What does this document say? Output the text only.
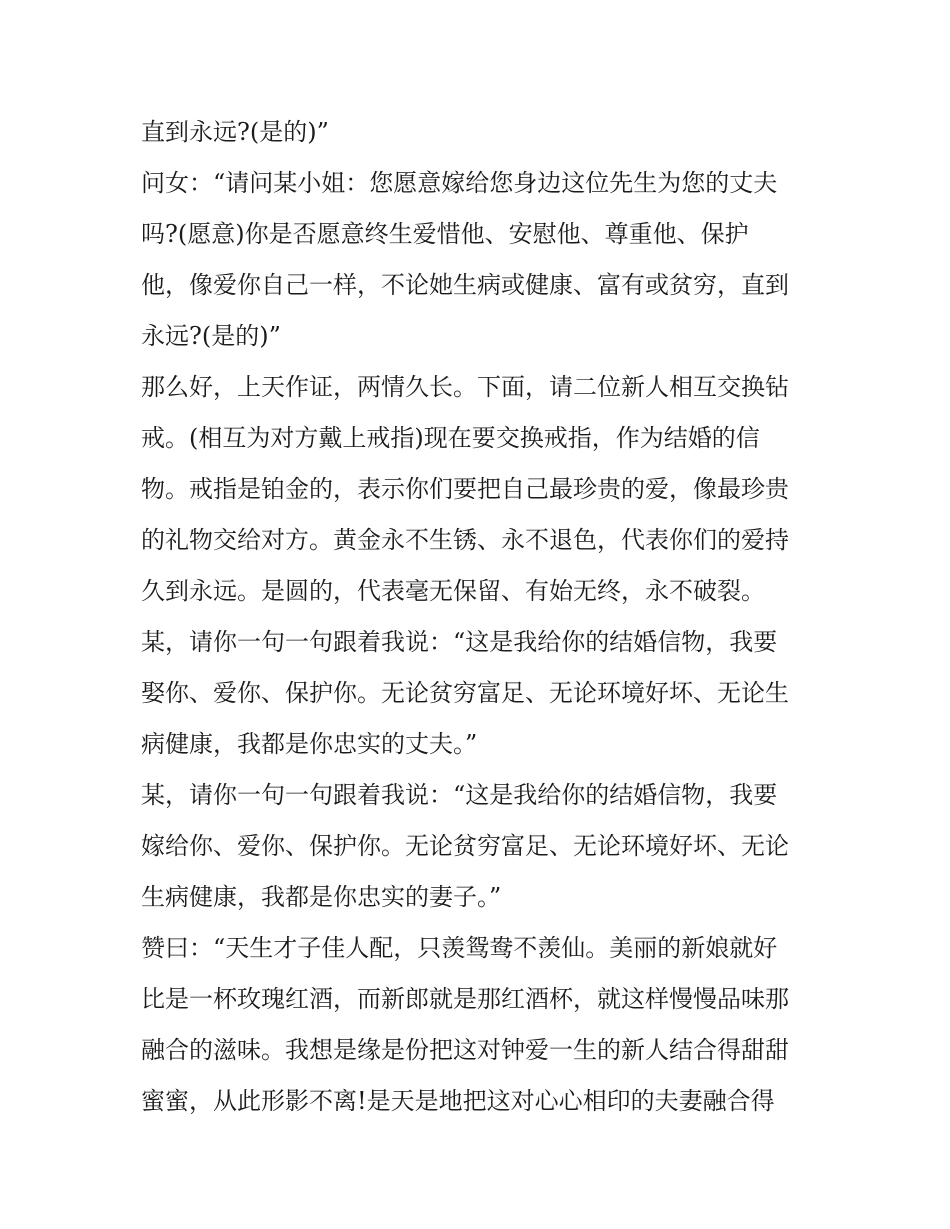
直到永远?(是的)”
问女：“请问某小姐：您愿意嫁给您身边这位先生为您的丈夫
吗?(愿意)你是否愿意终生爱惜他、安慰他、尊重他、保护
他，像爱你自己一样，不论她生病或健康、富有或贫穷，直到
永远?(是的)”
那么好，上天作证，两情久长。下面，请二位新人相互交换钻
戒。(相互为对方戴上戒指)现在要交换戒指，作为结婚的信
物。戒指是铂金的，表示你们要把自己最珍贵的爱，像最珍贵
的礼物交给对方。黄金永不生锈、永不退色，代表你们的爱持
久到永远。是圆的，代表毫无保留、有始无终，永不破裂。
某，请你一句一句跟着我说：“这是我给你的结婚信物，我要
娶你、爱你、保护你。无论贫穷富足、无论环境好坏、无论生
病健康，我都是你忠实的丈夫。”
某，请你一句一句跟着我说：“这是我给你的结婚信物，我要
嫁给你、爱你、保护你。无论贫穷富足、无论环境好坏、无论
生病健康，我都是你忠实的妻子。”
赞曰：“天生才子佳人配，只羡鸳鸯不羡仙。美丽的新娘就好
比是一杯玫瑰红酒，而新郎就是那红酒杯，就这样慢慢品味那
融合的滋味。我想是缘是份把这对钟爱一生的新人结合得甜甜
蜜蜜，从此形影不离!是天是地把这对心心相印的夫妻融合得
